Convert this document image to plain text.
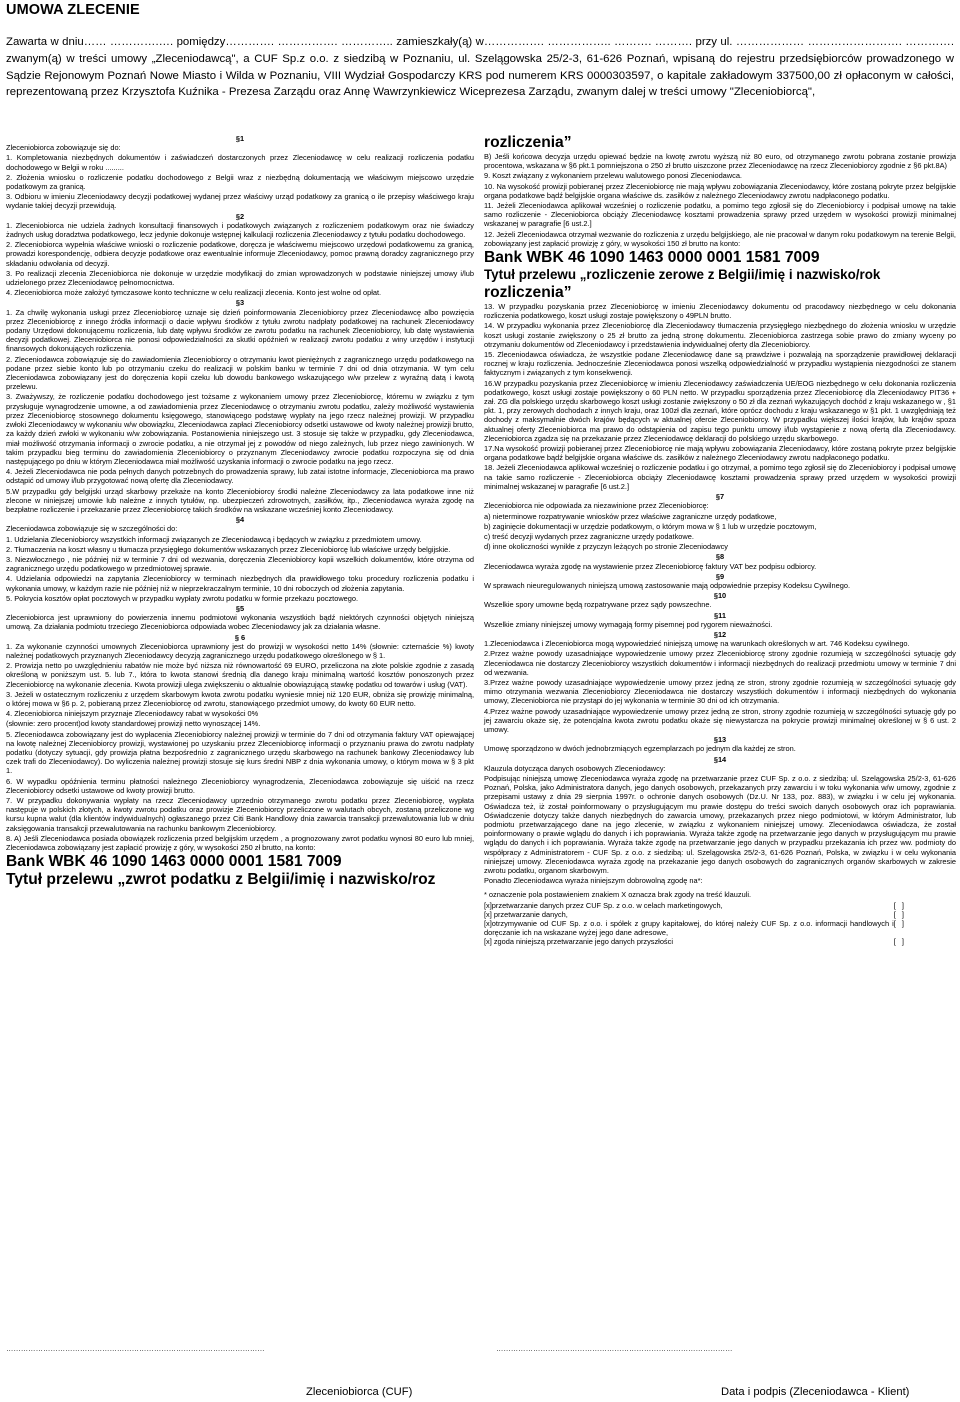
UMOWA ZLECENIE

Zawarta w dniu…… ………….…. pomiędzy…………. ……………. ………….. zamieszkały(ą) w……………. …………….. ………. ………. przy ul. ……………… ……………………. …………. zwanym(ą) w treści umowy „Zleceniodawcą", a CUF Sp.z o.o. z siedzibą w Poznaniu, ul. Szelągowska 25/2-3, 61-626 Poznań, wpisaną do rejestru przedsiębiorców prowadzonego w Sądzie Rejonowym Poznań Nowe Miasto i Wilda w Poznaniu, VIII Wydział Gospodarczy KRS pod numerem KRS 0000303597, o kapitale zakładowym 337500,00 zł opłaconym w całości, reprezentowaną przez Krzysztofa Kuźnika - Prezesa Zarządu oraz Annę Wawrzynkiewicz Wiceprezesa Zarządu, zwanym dalej w treści umowy "Zleceniobiorcą",

§1

Zleceniobiorca zobowiązuje się do:

1. Kompletowania niezbędnych dokumentów i zaświadczeń dostarczonych przez Zleceniodawcę w celu realizacji rozliczenia podatku dochodowego w Belgii w roku .........

2. Złożenia wniosku o rozliczenie podatku dochodowego z Belgii wraz z niezbędną dokumentacją we właściwym miejscowo urzędzie podatkowym za granicą.

3. Odbioru w imieniu Zleceniodawcy decyzji podatkowej wydanej przez właściwy urząd podatkowy za granicą o ile przepisy właściwego kraju wydanie takiej decyzji przewidują.

§2

1. Zleceniobiorca nie udziela żadnych konsultacji finansowych i podatkowych związanych z rozliczeniem podatkowym oraz nie świadczy żadnych usług doradztwa podatkowego, lecz jedynie dokonuje wstępnej kalkulacji rozliczenia Zleceniodawcy z tytułu podatku dochodowego.

2. Zleceniobiorca wypełnia właściwe wnioski o rozliczenie podatkowe, doręcza je właściwemu miejscowo urzędowi podatkowemu za granicą, prowadzi korespondencję, odbiera decyzje podatkowe oraz ewentualnie informuje Zleceniodawcy, pomoc prawną doradcy zagranicznego przy składaniu odwołania od decyzji.

3. Po realizacji zlecenia Zleceniobiorca nie dokonuje w urzędzie modyfikacji do zmian wprowadzonych w podstawie niniejszej umowy i/lub udzielonego przez Zleceniodawcę pełnomocnictwa.

4. Zleceniobiorca może założyć tymczasowe konto techniczne w celu realizacji zlecenia. Konto jest wolne od opłat.

§3

1. Za chwilę wykonania usługi przez Zleceniobiorcę uznaje się dzień poinformowania Zleceniobiorcy przez Zleceniodawcę albo powzięcia przez Zleceniobiorcę z innego źródła informacji o dacie wpływu środków z tytułu zwrotu nadpłaty podatkowej na rachunek Zleceniodawcy podany Urzędowi dokonującemu rozliczenia, lub datę wpływu środków ze zwrotu podatku na rachunek Zleceniobiorcy, lub datę wystawienia decyzji podatkowej. Zleceniobiorca nie ponosi odpowiedzialności za skutki opóźnień w realizacji zwrotu podatku z winy urzędów i instytucji finansowych dokonujących rozliczenia.

2. Zleceniodawca zobowiązuje się do zawiadomienia Zleceniobiorcy o otrzymaniu kwot pieniężnych z zagranicznego urzędu podatkowego na podane przez siebie konto lub po otrzymaniu czeku do realizacji w polskim banku w terminie 7 dni od dnia otrzymania. W tym celu Zleceniodawca zobowiązany jest do doręczenia kopii czeku lub dowodu bankowego wskazującego w/w przelew z wyraźną datą i kwotą przelewu.

3. Zważywszy, że rozliczenie podatku dochodowego jest tożsame z wykonaniem umowy przez Zleceniobiorcę, któremu w związku z tym przysługuje wynagrodzenie umowne, a od zawiadomienia przez Zleceniodawcę o otrzymaniu zwrotu podatku, zależy możliwość wystawienia przez Zleceniobiorcę stosownego dokumentu księgowego, stanowiącego podstawę wypłaty na jego rzecz należnej prowizji. W przypadku zwłoki Zleceniodawcy w wykonaniu w/w obowiązku, Zleceniodawca zapłaci Zleceniobiorcy odsetki ustawowe od kwoty należnej prowizji brutto, za każdy dzień zwłoki w wykonaniu w/w zobowiązania. Postanowienia niniejszego ust. 3 stosuje się także w przypadku, gdy Zleceniodawca, miał możliwość otrzymania informacji o zwrocie podatku, a nie otrzymał jej z powodów od niego zależnych, lub przez niego zawinionych. W takim przypadku bieg terminu do zawiadomienia Zleceniobiorcy o przyznanym Zleceniodawcy zwrocie podatku rozpoczyna się od dnia następującego po dniu w którym Zleceniodawca miał możliwość uzyskania informacji o zwrocie podatku na jego rzecz.

4. Jeżeli Zleceniodawca nie poda pełnych danych potrzebnych do prowadzenia sprawy, lub zatai istotne informacje, Zleceniobiorca ma prawo odstąpić od umowy i/lub przygotować nową ofertę dla Zleceniodawcy.

5.W przypadku gdy belgijski urząd skarbowy przekaże na konto Zleceniobiorcy środki należne Zleceniodawcy za lata podatkowe inne niż zlecone w niniejszej umowie lub należne z innych tytułów, np. ubezpieczeń zdrowotnych, zasiłków, itp., Zleceniodawca wyraża zgodę na bezpłatne rozliczenie i przekazanie przez Zleceniobiorcę takich środków na wskazane wcześniej konto Zleceniodawcy.

§4

Zleceniodawca zobowiązuje się w szczególności do:

1. Udzielania Zleceniobiorcy wszystkich informacji związanych ze Zleceniodawcą i będących w związku z przedmiotem umowy.

2. Tłumaczenia na koszt własny u tłumacza przysięgłego dokumentów wskazanych przez Zleceniobiorcę lub właściwe urzędy belgijskie.

3. Niezwłocznego , nie później niż w terminie 7 dni od wezwania, doręczenia Zleceniobiorcy kopii wszelkich dokumentów, które otrzyma od zagranicznego urzędu podatkowego w przedmiotowej sprawie.

4. Udzielania odpowiedzi na zapytania Zleceniobiorcy w terminach niezbędnych dla prawidłowego toku procedury rozliczenia podatku i wykonania umowy, w każdym razie nie później niż w nieprzekraczalnym terminie, 10 dni roboczych od złożenia zapytania.

5. Pokrycia kosztów opłat pocztowych w przypadku wypłaty zwrotu podatku w formie przekazu pocztowego.

§5

Zleceniobiorca jest uprawniony do powierzenia innemu podmiotowi wykonania wszystkich bądź niektórych czynności objętych niniejszą umową. Za działania podmiotu trzeciego Zleceniobiorca odpowiada wobec Zleceniodawcy jak za działania własne.

§ 6

1. Za wykonanie czynności umownych Zleceniobiorca uprawniony jest do prowizji w wysokości netto 14% (słownie: czternaście %) kwoty należnej podatkowych przyznanych Zleceniodawcy decyzją zagranicznego urzędu podatkowego określonego w § 1.

2. Prowizja netto po uwzględnieniu rabatów nie może być niższa niż równowartość 69 EURO, przeliczona na złote polskie zgodnie z zasadą określoną w poniższym ust. 5. lub 7., która to kwota stanowi średnią dla danego kraju minimalną wartość kosztów ponoszonych przez Zleceniobiorcę na wykonanie zlecenia. Kwota prowizji ulega zwiększeniu o aktualnie obowiązującą stawkę podatku od towarów i usług (VAT).

3. Jeżeli w ostatecznym rozliczeniu z urzędem skarbowym kwota zwrotu podatku wyniesie mniej niż 120 EUR, obniża się prowizję minimalną, o której mowa w §6 p. 2, pobieraną przez Zleceniobiorcę od zwrotu, stanowiącego przedmiot umowy, do kwoty 60 EUR netto.

4. Zleceniobiorca niniejszym przyznaje Zleceniodawcy rabat w wysokości 0%

(słownie: zero procent)od kwoty standardowej prowizji netto wynoszącej 14%.

5. Zleceniodawca zobowiązany jest do wypłacenia Zleceniobiorcy należnej prowizji w terminie do 7 dni od otrzymania faktury VAT opiewającej na kwotę należnej Zleceniobiorcy prowizji, wystawionej po uzyskaniu przez Zleceniobiorcę informacji o przyznaniu prawa do zwrotu nadpłaty podatku (dotyczy sytuacji, gdy prowizja płatna bezpośrednio z zagranicznego urzędu skarbowego na rachunek bankowy Zleceniodawcy lub czek trafi do Zleceniodawcy). Do wyliczenia należnej prowizji stosuje się kurs średni NBP z dnia wykonania umowy, o którym mowa w § 3 pkt 1.

6. W wypadku opóźnienia terminu płatności należnego Zleceniobiorcy wynagrodzenia, Zleceniodawca zobowiązuje się uiścić na rzecz Zleceniobiorcy odsetki ustawowe od kwoty prowizji brutto.

7. W przypadku dokonywania wypłaty na rzecz Zleceniodawcy uprzednio otrzymanego zwrotu podatku przez Zleceniobiorcę, wypłata następuje w polskich złotych, a kwoty zwrotu podatku oraz prowizje Zleceniobiorcy przeliczone w walutach obcych, zostaną przeliczone wg kursu kupna walut (dla klientów indywidualnych) ogłaszanego przez Citi Bank Handlowy dnia zawarcia transakcji przewalutowania lub w dniu zaksięgowania transakcji przewalutowania na rachunku bankowym Zleceniobiorcy.

8. A) Jeśli Zleceniodawca posiada obowiązek rozliczenia przed belgijskim urzędem , a prognozowany zwrot podatku wynosi 80 euro lub mniej, Zleceniodawca zobowiązany jest zapłacić prowizję z góry, w wysokości 250 zł brutto, na konto:

Bank WBK 46 1090 1463 0000 0001 1581 7009

Tytuł przelewu „zwrot podatku z Belgii/imię i nazwisko/roz

rozliczenia”

B) Jeśli końcowa decyzja urzędu opiewać będzie na kwotę zwrotu wyższą niż 80 euro, od otrzymanego zwrotu pobrana zostanie prowizja procentowa, wskazana w §6 pkt.1 pomniejszona o 250 zł brutto uiszczone przez Zleceniodawcę na rzecz Zleceniobiorcy zgodnie z §6 pkt.8A)

9. Koszt związany z wykonaniem przelewu walutowego ponosi Zleceniodawca.

10. Na wysokość prowizji pobieranej przez Zleceniobiorcę nie mają wpływu zobowiązania Zleceniodawcy, które zostaną pokryte przez belgijskie organa podatkowe bądź belgijskie organa właściwe ds. zasiłków z należnego Zleceniodawcy zwrotu nadpłaconego podatku.

11. Jeżeli Zleceniodawca aplikował wcześniej o rozliczenie podatku, a pomimo tego zgłosił się do Zleceniobiorcy i podpisał umowę na takie samo rozliczenie - Zleceniobiorca obciąży Zleceniodawcę kosztami prowadzenia sprawy przed urzędem w wysokości prowizji minimalnej wskazanej w paragrafie [6 ust.2.]

12. Jeżeli Zleceniodawca otrzymał wezwanie do rozliczenia z urzędu belgijskiego, ale nie pracował w danym roku podatkowym na terenie Belgii, zobowiązany jest zapłacić prowizję z góry, w wysokości 150 zł brutto na konto:

Bank WBK 46 1090 1463 0000 0001 1581 7009

Tytuł przelewu „rozliczenie zerowe z Belgii/imię i nazwisko/rok

rozliczenia”

13. W przypadku pozyskania przez Zleceniobiorcę w imieniu Zleceniodawcy dokumentu od pracodawcy niezbędnego w celu dokonania rozliczenia podatkowego, koszt usługi zostaje powiększony o 49PLN brutto.

14. W przypadku wykonania przez Zleceniobiorcę dla Zleceniodawcy tłumaczenia przysięgłego niezbędnego do złożenia wniosku w urzędzie koszt usługi zostanie zwiększony o 25 zł brutto za jedną stronę dokumentu. Zleceniobiorca zastrzega sobie prawo do zmiany wyceny po otrzymaniu dokumentów od Zleceniodawcy i przedstawienia indywidualnej oferty dla Zleceniobiorcy.

15. Zleceniodawca oświadcza, że wszystkie podane Zleceniodawcę dane są prawdziwe i pozwalają na sporządzenie prawidłowej deklaracji rocznej w kraju rozliczenia. Jednocześnie Zleceniodawca ponosi wszelką odpowiedzialność w przypadku wystąpienia niezgodności ze stanem faktycznym i związanych z tym konsekwencji.

16.W przypadku pozyskania przez Zleceniobiorcę w imieniu Zleceniodawcy zaświadczenia UE/EOG niezbędnego w celu dokonania rozliczenia podatkowego, koszt usługi zostaje powiększony o 60 PLN netto. W przypadku sporządzenia przez Zleceniobiorcę dla Zleceniodawcy PIT36 + zał. ZG dla polskiego urzędu skarbowego koszt usługi zostanie zwiększony o 50 zł dla zeznań wykazujących dochód z kraju wskazanego w , §1 pkt. 1, przy zerowych dochodach z innych kraju, oraz 100zł dla zeznań, które oprócz dochodu z kraju wskazanego w §1 pkt. 1 uwzględniają też dochody z maksymalnie dwóch krajów będących w aktualnej ofercie Zleceniobiorcy. W przypadku większej ilości krajów, lub krajów spoza aktualnej oferty Zleceniobiorca ma prawo do odstąpienia od zapisu tego punktu umowy i/lub wystąpienie z nową ofertą dla Zleceniodawcy. Zleceniobiorca zgadza się na przekazanie przez Zleceniodawcę deklaracji do polskiego urzędu skarbowego.

17.Na wysokość prowizji pobieranej przez Zleceniobiorcę nie mają wpływu zobowiązania Zleceniodawcy, które zostaną pokryte przez belgijskie organa podatkowe bądź belgijskie organa właściwe ds. zasiłków z należnego Zleceniodawcy zwrotu nadpłaconego podatku.

18. Jeżeli Zleceniodawca aplikował wcześniej o rozliczenie podatku i go otrzymał, a pomimo tego zgłosił się do Zleceniobiorcy i podpisał umowę na takie samo rozliczenie - Zleceniobiorca obciąży Zleceniodawcę kosztami prowadzenia sprawy przed urzędem w wysokości prowizji minimalnej wskazanej w paragrafie [6 ust.2.]

§7

Zleceniobiorca nie odpowiada za niezawinione przez Zleceniobiorcę:

a) nieterminowe rozpatrywanie wniosków przez właściwe zagraniczne urzędy podatkowe,

b) zaginięcie dokumentacji w urzędzie podatkowym, o którym mowa w § 1 lub w urzędzie pocztowym,

c) treść decyzji wydanych przez zagraniczne urzędy podatkowe.

d) inne okoliczności wynikłe z przyczyn leżących po stronie Zleceniodawcy

§8

Zleceniodawca wyraża zgodę na wystawienie przez Zleceniobiorcę faktury VAT bez podpisu odbiorcy.

§9

W sprawach nieuregulowanych niniejszą umową zastosowanie mają odpowiednie przepisy Kodeksu Cywilnego.

§10

Wszelkie spory umowne będą rozpatrywane przez sądy powszechne.

§11

Wszelkie zmiany niniejszej umowy wymagają formy pisemnej pod rygorem nieważności.

§12

1.Zleceniodawca i Zleceniobiorca mogą wypowiedzieć niniejszą umowę na warunkach określonych w art. 746 Kodeksu cywilnego.

2.Przez ważne powody uzasadniające wypowiedzenie umowy przez Zleceniobiorcę strony zgodnie rozumieją w szczególności sytuację gdy Zleceniodawca nie dostarczy Zleceniobiorcy wszystkich dokumentów i informacji niezbędnych do realizacji przedmiotu umowy w terminie 7 dni od wezwania.

3.Przez ważne powody uzasadniające wypowiedzenie umowy przez jedną ze stron, strony zgodnie rozumieją w szczególności sytuację gdy mimo otrzymania wezwania Zleceniobiorcy Zleceniodawca nie dostarczy wszystkich dokumentów i informacji niezbędnych do wykonania umowy, Zleceniobiorca nie przystąpi do jej wykonania w terminie 30 dni od ich otrzymania.

4.Przez ważne powody uzasadniające wypowiedzenie umowy przez jedną ze stron, strony zgodnie rozumieją w szczególności sytuację gdy po jej zawarciu okaże się, że potencjalna kwota zwrotu podatku okaże się niewystarcza na pokrycie prowizji minimalnej określonej w § 6 ust. 2 umowy.

§13

Umowę sporządzono w dwóch jednobrzmiących egzemplarzach po jednym dla każdej ze stron.

§14

Klauzula dotycząca danych osobowych Zleceniodawcy:

Podpisując niniejszą umowę Zleceniodawca wyraża zgodę na przetwarzanie przez CUF Sp. z o.o. z siedzibą: ul. Szelągowska 25/2-3, 61-626 Poznań, Polska, jako Administratora danych, jego danych osobowych, przekazanych przy zawarciu i w toku wykonania w/w umowy, zgodnie z przepisami ustawy z dnia 29 sierpnia 1997r. o ochronie danych osobowych (Dz.U. Nr 133, poz. 883), w związku i w celu jej wykonania. Oświadcza też, iż został poinformowany o przysługującym mu prawie dostępu do treści swoich danych osobowych oraz ich poprawiania. Oświadczenie dotyczy także danych niezbędnych do zawarcia umowy, przekazanych przez niego podmiotowi, w którym Administrator, lub podmiotu przetwarzającego dane na jego zlecenie, w związku z wykonaniem niniejszej umowy. Zleceniodawca oświadcza, że został poinformowany o prawie wglądu do danych i ich poprawiania. Wyraża także zgodę na przetwarzanie jego danych w przysługującym mu prawie wglądu do danych i ich poprawiania. Wyraża także zgodę na przetwarzanie jego danych w przypadku przekazania ich przez ww. podmioty do współpracy z Administratorem - CUF Sp. z o.o. z siedzibą: ul. Szelągowska 25/2-3, 61-626 Poznań, Polska, w związku i w celu wykonania niniejszej umowy. Zleceniodawca wyraża zgodę na przekazanie jego danych osobowych do zagranicznych organów skarbowych w zakresie zwrotu podatku, organom skarbowym.

Ponadto Zleceniodawca wyraża niniejszym dobrowolną zgodę na*:

* oznaczenie pola postawieniem znakiem X oznacza brak zgody na treść klauzuli.

[x]przetwarzanie danych przez CUF Sp. z o.o. w celach marketingowych,	[   ]
[x] przetwarzanie danych,	[   ]
[x]otrzymywanie od CUF Sp. z o.o. i spółek z grupy kapitałowej, do której należy CUF Sp. z o.o. informacji handlowych i doręczanie ich na wskazane wyżej jego dane adresowe,
[   ]
[x] zgoda niniejszą przetwarzanie jego danych przyszłości	[   ]
……………………………………………………………………………………………	……………………………………………………………………………………
Zleceniobiorca (CUF)	Data i podpis (Zleceniodawca - Klient)
